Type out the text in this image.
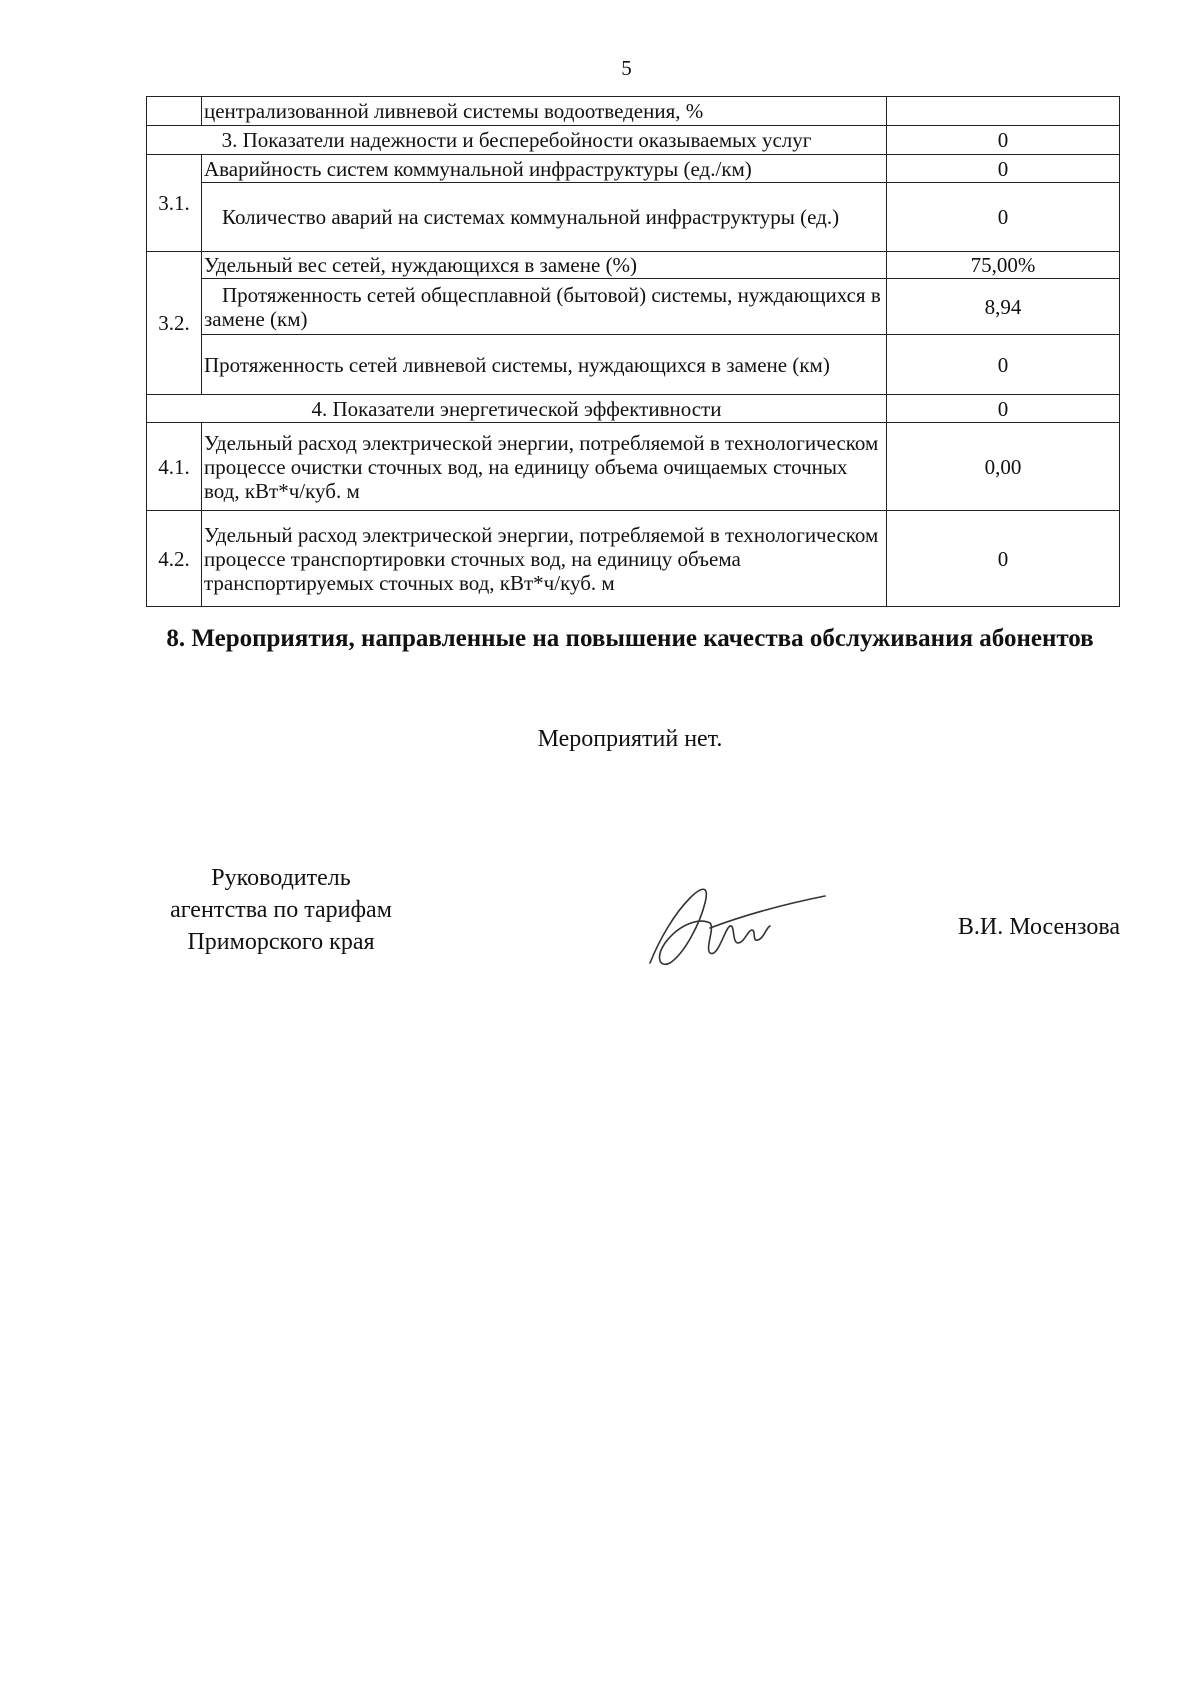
5
	централизованной ливневой системы водоотведения, %	
3. Показатели надежности и бесперебойности оказываемых услуг		0
3.1.	Аварийность систем коммунальной инфраструктуры (ед./км)	0
	Количество аварий на системах коммунальной инфраструктуры (ед.)	0
3.2.	Удельный вес сетей, нуждающихся в замене (%)	75,00%
	Протяженность сетей общесплавной (бытовой) системы, нуждающихся в замене (км)	8,94
	Протяженность сетей ливневой системы, нуждающихся в замене (км)	0
4. Показатели энергетической эффективности		0
4.1.	Удельный расход электрической энергии, потребляемой в технологическом процессе очистки сточных вод, на единицу объема очищаемых сточных вод, кВт*ч/куб. м	0,00
4.2.	Удельный расход электрической энергии, потребляемой в технологическом процессе транспортировки сточных вод, на единицу объема транспортируемых сточных вод, кВт*ч/куб. м	0
8. Мероприятия, направленные на повышение качества обслуживания абонентов
Мероприятий нет.
Руководитель
агентства по тарифам
Приморского края
В.И. Мосензова
